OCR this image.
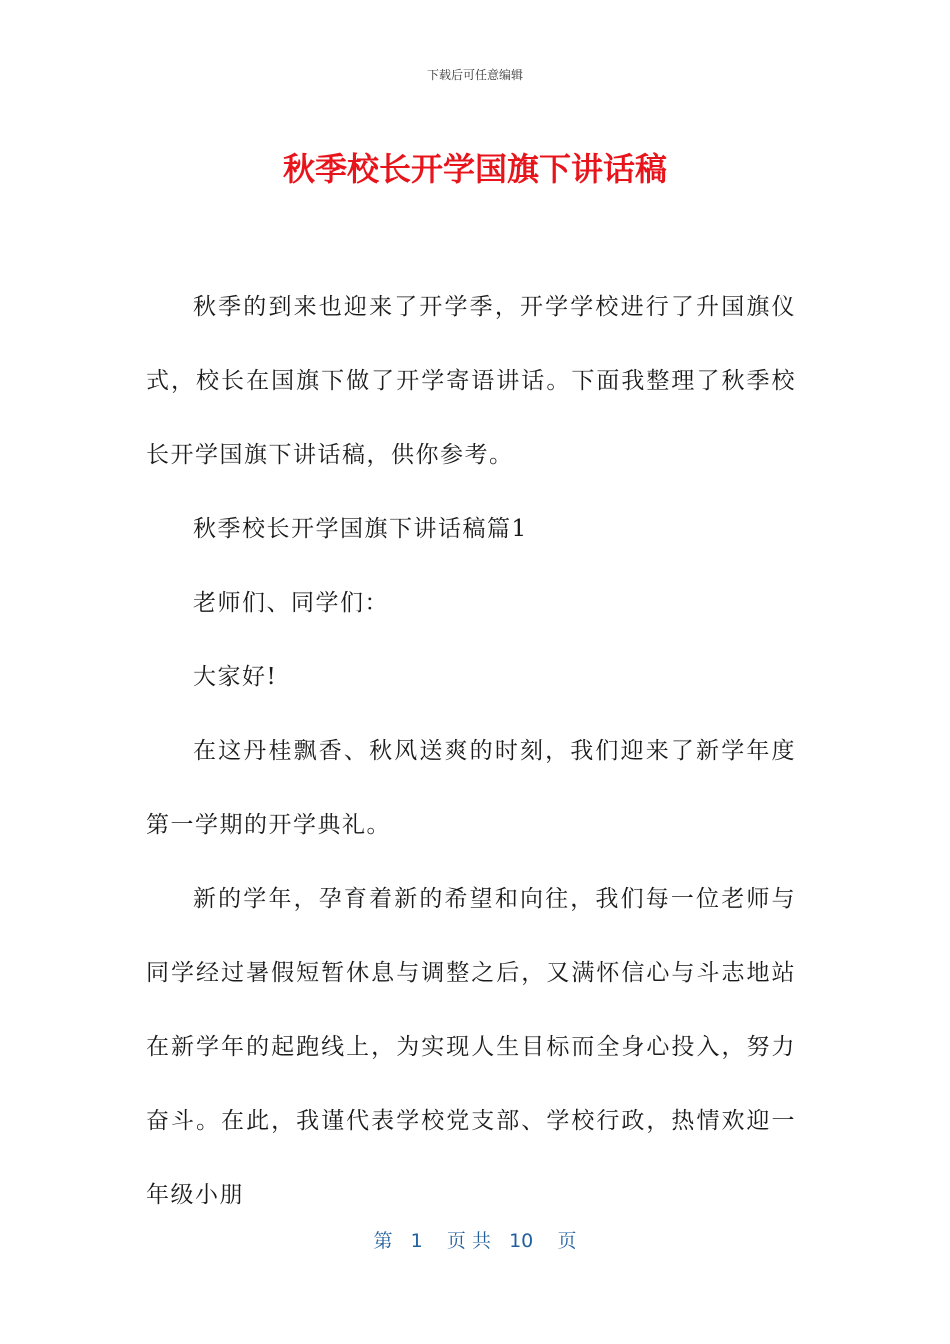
下载后可任意编辑
秋季校长开学国旗下讲话稿

秋季的到来也迎来了开学季，开学学校进行了升国旗仪式，校长在国旗下做了开学寄语讲话。下面我整理了秋季校长开学国旗下讲话稿，供你参考。

秋季校长开学国旗下讲话稿篇1

老师们、同学们：

大家好!

在这丹桂飘香、秋风送爽的时刻，我们迎来了新学年度第一学期的开学典礼。

新的学年，孕育着新的希望和向往，我们每一位老师与同学经过暑假短暂休息与调整之后，又满怀信心与斗志地站在新学年的起跑线上，为实现人生目标而全身心投入，努力奋斗。在此，我谨代表学校党支部、学校行政，热情欢迎一年级小朋

第 1 页 共 10 页
